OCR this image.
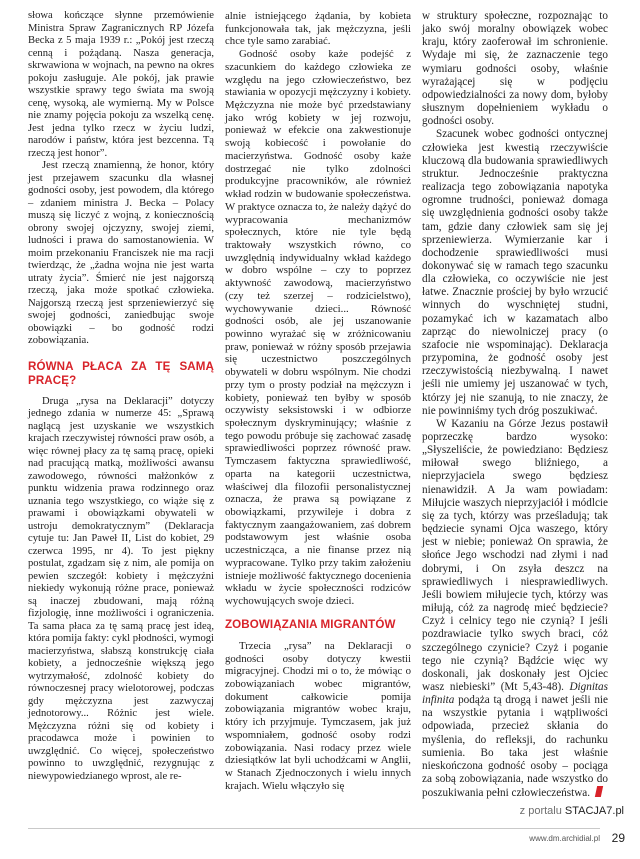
słowa kończące słynne przemówienie Ministra Spraw Zagranicznych RP Józefa Becka z 5 maja 1939 r.: „Pokój jest rzeczą cenną i pożądaną. Nasza generacja, skrwawiona w wojnach, na pewno na okres pokoju zasługuje. Ale pokój, jak prawie wszystkie sprawy tego świata ma swoją cenę, wysoką, ale wymierną. My w Polsce nie znamy pojęcia pokoju za wszelką cenę. Jest jedna tylko rzecz w życiu ludzi, narodów i państw, która jest bezcenna. Tą rzeczą jest honor”.

Jest rzeczą znamienną, że honor, który jest przejawem szacunku dla własnej godności osoby, jest powodem, dla którego – zdaniem ministra J. Becka – Polacy muszą się liczyć z wojną, z koniecznością obrony swojej ojczyzny, swojej ziemi, ludności i prawa do samostanowienia. W moim przekonaniu Franciszek nie ma racji twierdząc, że „żadna wojna nie jest warta utraty życia”. Śmierć nie jest najgorszą rzeczą, jaka może spotkać człowieka. Najgorszą rzeczą jest sprzeniewierzyć się swojej godności, zaniedbując swoje obowiązki – bo godność rodzi zobowiązania.

RÓWNA PŁACA ZA TĘ SAMĄ PRACĘ?

Druga „rysa na Deklaracji” dotyczy jednego zdania w numerze 45: „Sprawą naglącą jest uzyskanie we wszystkich krajach rzeczywistej równości praw osób, a więc równej płacy za tę samą pracę, opieki nad pracującą matką, możliwości awansu zawodowego, równości małżonków z punktu widzenia prawa rodzinnego oraz uznania tego wszystkiego, co wiąże się z prawami i obowiązkami obywateli w ustroju demokratycznym” (Deklaracja cytuje tu: Jan Paweł II, List do kobiet, 29 czerwca 1995, nr 4). To jest piękny postulat, zgadzam się z nim, ale pomija on pewien szczegół: kobiety i mężczyźni niekiedy wykonują różne prace, ponieważ są inaczej zbudowani, mają różną fizjologię, inne możliwości i ograniczenia. Ta sama płaca za tę samą pracę jest ideą, która pomija fakty: cykl płodności, wymogi macierzyństwa, słabszą konstrukcję ciała kobiety, a jednocześnie większą jego wytrzymałość, zdolność kobiety do równoczesnej pracy wielotorowej, podczas gdy mężczyzna jest zazwyczaj jednotorowy... Różnic jest wiele. Mężczyzna różni się od kobiety i pracodawca może i powinien to uwzględnić. Co więcej, społeczeństwo powinno to uwzględnić, rezygnując z niewypowiedzianego wprost, ale re-

alnie istniejącego żądania, by kobieta funkcjonowała tak, jak mężczyzna, jeśli chce tyle samo zarabiać.

Godność osoby każe podejść z szacunkiem do każdego człowieka ze względu na jego człowieczeństwo, bez stawiania w opozycji mężczyzny i kobiety. Mężczyzna nie może być przedstawiany jako wróg kobiety w jej rozwoju, ponieważ w efekcie ona zakwestionuje swoją kobiecość i powołanie do macierzyństwa. Godność osoby każe dostrzegać nie tylko zdolności produkcyjne pracowników, ale również wkład rodzin w budowanie społeczeństwa. W praktyce oznacza to, że należy dążyć do wypracowania mechanizmów społecznych, które nie tyle będą traktowały wszystkich równo, co uwzględnią indywidualny wkład każdego w dobro wspólne – czy to poprzez aktywność zawodową, macierzyństwo (czy też szerzej – rodzicielstwo), wychowywanie dzieci... Równość godności osób, ale jej uszanowanie powinno wyrażać się w zróżnicowaniu praw, ponieważ w różny sposób przejawia się uczestnictwo poszczególnych obywateli w dobru wspólnym. Nie chodzi przy tym o prosty podział na mężczyzn i kobiety, ponieważ ten byłby w sposób oczywisty seksistowski i w odbiorze społecznym dyskryminujący; właśnie z tego powodu próbuje się zachować zasadę sprawiedliwości poprzez równość praw. Tymczasem faktyczna sprawiedliwość, oparta na kategorii uczestnictwa, właściwej dla filozofii personalistycznej oznacza, że prawa są powiązane z obowiązkami, przywileje i dobra z faktycznym zaangażowaniem, zaś dobrem podstawowym jest właśnie osoba uczestnicząca, a nie finanse przez nią wypracowane. Tylko przy takim założeniu istnieje możliwość faktycznego docenienia wkładu w życie społeczności rodziców wychowujących swoje dzieci.

ZOBOWIĄZANIA MIGRANTÓW

Trzecia „rysa” na Deklaracji o godności osoby dotyczy kwestii migracyjnej. Chodzi mi o to, że mówiąc o zobowiązaniach wobec migrantów, dokument całkowicie pomija zobowiązania migrantów wobec kraju, który ich przyjmuje. Tymczasem, jak już wspomniałem, godność osoby rodzi zobowiązania. Nasi rodacy przez wiele dziesiątków lat byli uchodźcami w Anglii, w Stanach Zjednoczonych i wielu innych krajach. Wielu włączyło się

w struktury społeczne, rozpoznając to jako swój moralny obowiązek wobec kraju, który zaoferował im schronienie. Wydaje mi się, że zaznaczenie tego wymiaru godności osoby, właśnie wyrażającej się w podjęciu odpowiedzialności za nowy dom, byłoby słusznym dopełnieniem wykładu o godności osoby.

Szacunek wobec godności ontycznej człowieka jest kwestią rzeczywiście kluczową dla budowania sprawiedliwych struktur. Jednocześnie praktyczna realizacja tego zobowiązania napotyka ogromne trudności, ponieważ domaga się uwzględnienia godności osoby także tam, gdzie dany człowiek sam się jej sprzeniewierza. Wymierzanie kar i dochodzenie sprawiedliwości musi dokonywać się w ramach tego szacunku dla człowieka, co oczywiście nie jest łatwe. Znacznie prościej by było wrzucić winnych do wyschniętej studni, pozamykać ich w kazamatach albo zaprząc do niewolniczej pracy (o szafocie nie wspominając). Deklaracja przypomina, że godność osoby jest rzeczywistością niezbywalną. I nawet jeśli nie umiemy jej uszanować w tych, którzy jej nie szanują, to nie znaczy, że nie powinniśmy tych dróg poszukiwać.

W Kazaniu na Górze Jezus postawił poprzeczkę bardzo wysoko: „Słyszeliście, że powiedziano: Będziesz miłował swego bliźniego, a nieprzyjaciela swego będziesz nienawidził. A Ja wam powiadam: Miłujcie waszych nieprzyjaciół i módlcie się za tych, którzy was prześladują; tak będziecie synami Ojca waszego, który jest w niebie; ponieważ On sprawia, że słońce Jego wschodzi nad złymi i nad dobrymi, i On zsyła deszcz na sprawiedliwych i niesprawiedliwych. Jeśli bowiem miłujecie tych, którzy was miłują, cóż za nagrodę mieć będziecie? Czyż i celnicy tego nie czynią? I jeśli pozdrawiacie tylko swych braci, cóż szczególnego czynicie? Czyż i poganie tego nie czynią? Bądźcie więc wy doskonali, jak doskonały jest Ojciec wasz niebieski” (Mt 5,43-48). Dignitas infinita podąża tą drogą i nawet jeśli nie na wszystkie pytania i wątpliwości odpowiada, przecież skłania do myślenia, do refleksji, do rachunku sumienia. Bo taka jest właśnie nieskończona godność osoby – pociąga za sobą zobowiązania, nade wszystko do poszukiwania pełni człowieczeństwa.

z portalu STACJA7.pl
www.dm.archidial.pl 29
